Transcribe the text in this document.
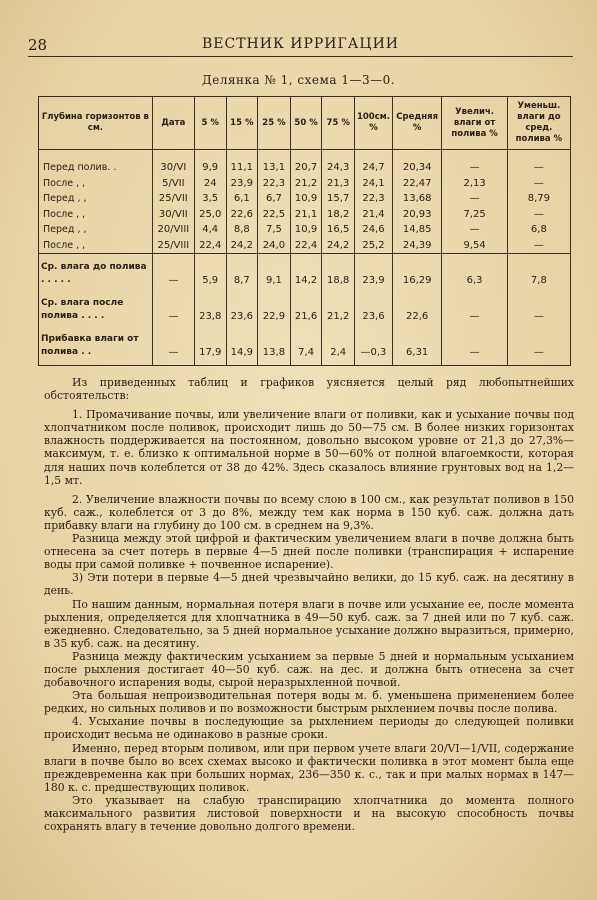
28	ВЕСТНИК ИРРИГАЦИИ
Делянка № 1, схема 1—3—0.
Глубина горизонтов в см.	Дата	5 %	15 %	25 %	50 %	75 %	100см. %	Средняя %	Увелич. влаги от полива %	Уменьш. влаги до сред. полива %
Перед полив. .	30/VI	9,9	11,1	13,1	20,7	24,3	24,7	20,34	—	—
После , ,	5/VII	24	23,9	22,3	21,2	21,3	24,1	22,47	2,13	—
Перед , ,	25/VII	3,5	6,1	6,7	10,9	15,7	22,3	13,68	—	8,79
После , ,	30/VII	25,0	22,6	22,5	21,1	18,2	21,4	20,93	7,25	—
Перед , ,	20/VIII	4,4	8,8	7,5	10,9	16,5	24,6	14,85	—	6,8
После , ,	25/VIII	22,4	24,2	24,0	22,4	24,2	25,2	24,39	9,54	—
Ср. влага до полива . . . . .	—	5,9	8,7	9,1	14,2	18,8	23,9	16,29	6,3	7,8
Ср. влага после полива . . . .	—	23,8	23,6	22,9	21,6	21,2	23,6	22,6	—	—
Прибавка влаги от полива . .	—	17,9	14,9	13,8	7,4	2,4	—0,3	6,31	—	—

Из приведенных таблиц и графиков уясняется целый ряд любопытнейших обстоятельств:

1. Промачивание почвы, или увеличение влаги от поливки, как и усыхание почвы под хлопчатником после поливок, происходит лишь до 50—75 см. В более низких горизонтах влажность поддерживается на постоянном, довольно высоком уровне от 21,3 до 27,3%—максимум, т. е. близко к оптимальной норме в 50—60% от полной влагоемкости, которая для наших почв колеблется от 38 до 42%. Здесь сказалось влияние грунтовых вод на 1,2—1,5 мт.

2. Увеличение влажности почвы по всему слою в 100 см., как результат поливов в 150 куб. саж., колеблется от 3 до 8%, между тем как норма в 150 куб. саж. должна дать прибавку влаги на глубину до 100 см. в среднем на 9,3%.

Разница между этой цифрой и фактическим увеличением влаги в почве должна быть отнесена за счет потерь в первые 4—5 дней после поливки (транспирация + испарение воды при самой поливке + почвенное испарение).

3) Эти потери в первые 4—5 дней чрезвычайно велики, до 15 куб. саж. на десятину в день.

По нашим данным, нормальная потеря влаги в почве или усыхание ее, после момента рыхления, определяется для хлопчатника в 49—50 куб. саж. за 7 дней или по 7 куб. саж. ежедневно. Следовательно, за 5 дней нормальное усыхание должно выразиться, примерно, в 35 куб. саж. на десятину.

Разница между фактическим усыханием за первые 5 дней и нормальным усыханием после рыхления достигает 40—50 куб. саж. на дес. и должна быть отнесена за счет добавочного испарения воды, сырой неразрыхленной почвой.

Эта большая непроизводительная потеря воды м. б. уменьшена применением более редких, но сильных поливов и по возможности быстрым рыхлением почвы после полива.

4. Усыхание почвы в последующие за рыхлением периоды до следующей поливки происходит весьма не одинаково в разные сроки.

Именно, перед вторым поливом, или при первом учете влаги 20/VI—1/VII, содержание влаги в почве было во всех схемах высоко и фактически поливка в этот момент была еще преждевременна как при больших нормах, 236—350 к. с., так и при малых нормах в 147—180 к. с. предшествующих поливок.

Это указывает на слабую транспирацию хлопчатника до момента полного максимального развития листовой поверхности и на высокую способность почвы сохранять влагу в течение довольно долгого времени.
